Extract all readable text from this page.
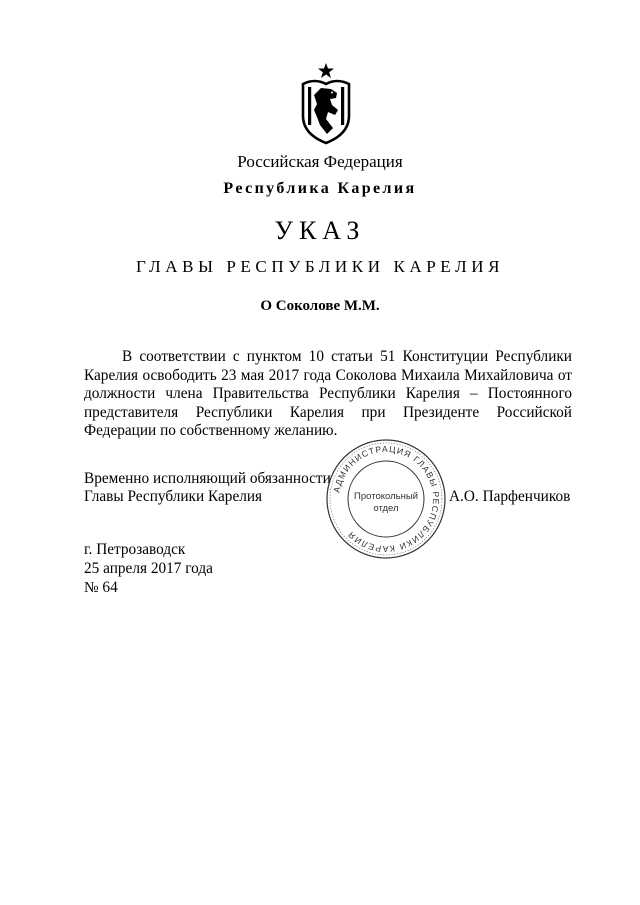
Российская Федерация
Республика Карелия
УКАЗ
ГЛАВЫ РЕСПУБЛИКИ КАРЕЛИЯ
О Соколове М.М.

В соответствии с пунктом 10 статьи 51 Конституции Республики Карелия освободить 23 мая 2017 года Соколова Михаила Михайловича от должности члена Правительства Республики Карелия – Постоянного представителя Республики Карелия при Президенте Российской Федерации по собственному желанию.

Временно исполняющий обязанности
Главы Республики Карелия	АДМИНИСТРАЦИЯ ГЛАВЫ РЕСПУБЛИКИ КАРЕЛИЯ
Протокольный
отдел
А.О. Парфенчиков
г. Петрозаводск
25 апреля 2017 года
№ 64
